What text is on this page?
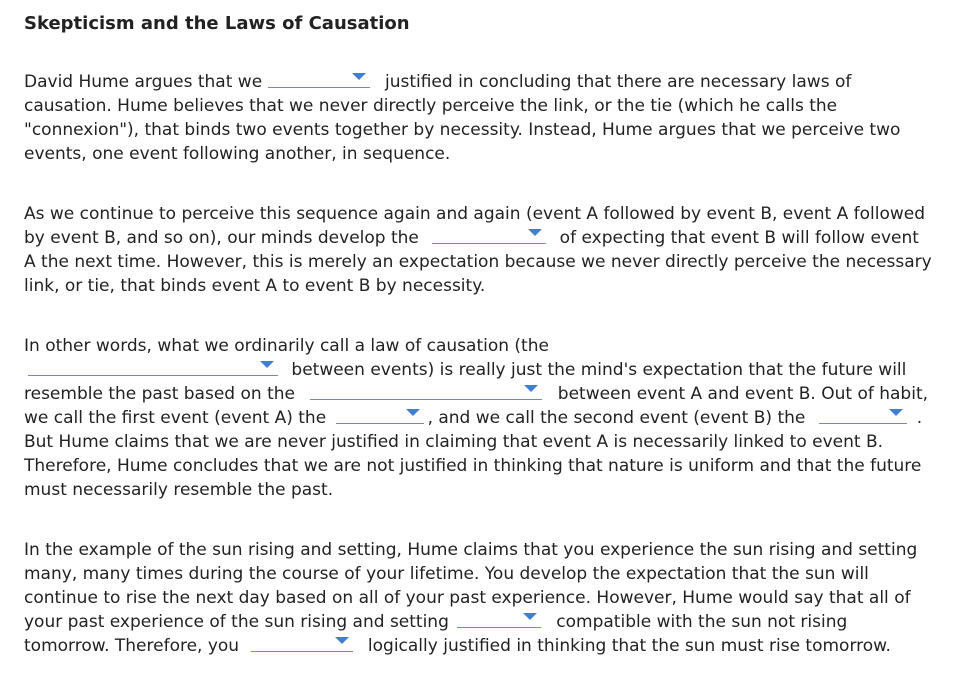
Skepticism and the Laws of Causation
David Hume argues that we	justified in concluding that there are necessary laws of causation. Hume believes that we never directly perceive the link, or the tie (which he calls the "connexion"), that binds two events together by necessity. Instead, Hume argues that we perceive two events, one event following another, in sequence.
As we continue to perceive this sequence again and again (event A followed by event B, event A followed by event B, and so on), our minds develop the	of expecting that event B will follow event A the next time. However, this is merely an expectation because we never directly perceive the necessary link, or tie, that binds event A to event B by necessity.
In other words, what we ordinarily call a law of causation (the

between events) is really just the mind's expectation that the future will resemble the past based on the	between event A and event B. Out of habit, we call the first event (event A) the	, and we call the second event (event B) the	. But Hume claims that we are never justified in claiming that event A is necessarily linked to event B. Therefore, Hume concludes that we are not justified in thinking that nature is uniform and that the future must necessarily resemble the past.
In the example of the sun rising and setting, Hume claims that you experience the sun rising and setting many, many times during the course of your lifetime. You develop the expectation that the sun will continue to rise the next day based on all of your past experience. However, Hume would say that all of your past experience of the sun rising and setting	compatible with the sun not rising tomorrow. Therefore, you	logically justified in thinking that the sun must rise tomorrow.
